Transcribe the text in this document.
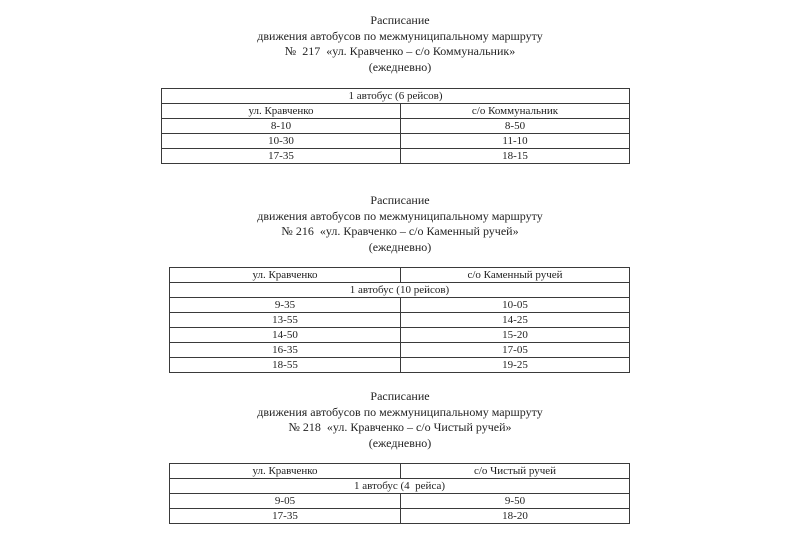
Расписание
движения автобусов по межмуниципальному маршруту
№  217  «ул. Кравченко – с/о Коммунальник»
(ежедневно)
1 автобус (6 рейсов)	
ул. Кравченко	с/о Коммунальник
8-10	8-50
10-30	11-10
17-35	18-15
Расписание
движения автобусов по межмуниципальному маршруту
№ 216  «ул. Кравченко – с/о Каменный ручей»
(ежедневно)
ул. Кравченко	с/о Каменный ручей
1 автобус (10 рейсов)	
9-35	10-05
13-55	14-25
14-50	15-20
16-35	17-05
18-55	19-25
Расписание
движения автобусов по межмуниципальному маршруту
№ 218  «ул. Кравченко – с/о Чистый ручей»
(ежедневно)
ул. Кравченко	с/о Чистый ручей
1 автобус (4  рейса)	
9-05	9-50
17-35	18-20
